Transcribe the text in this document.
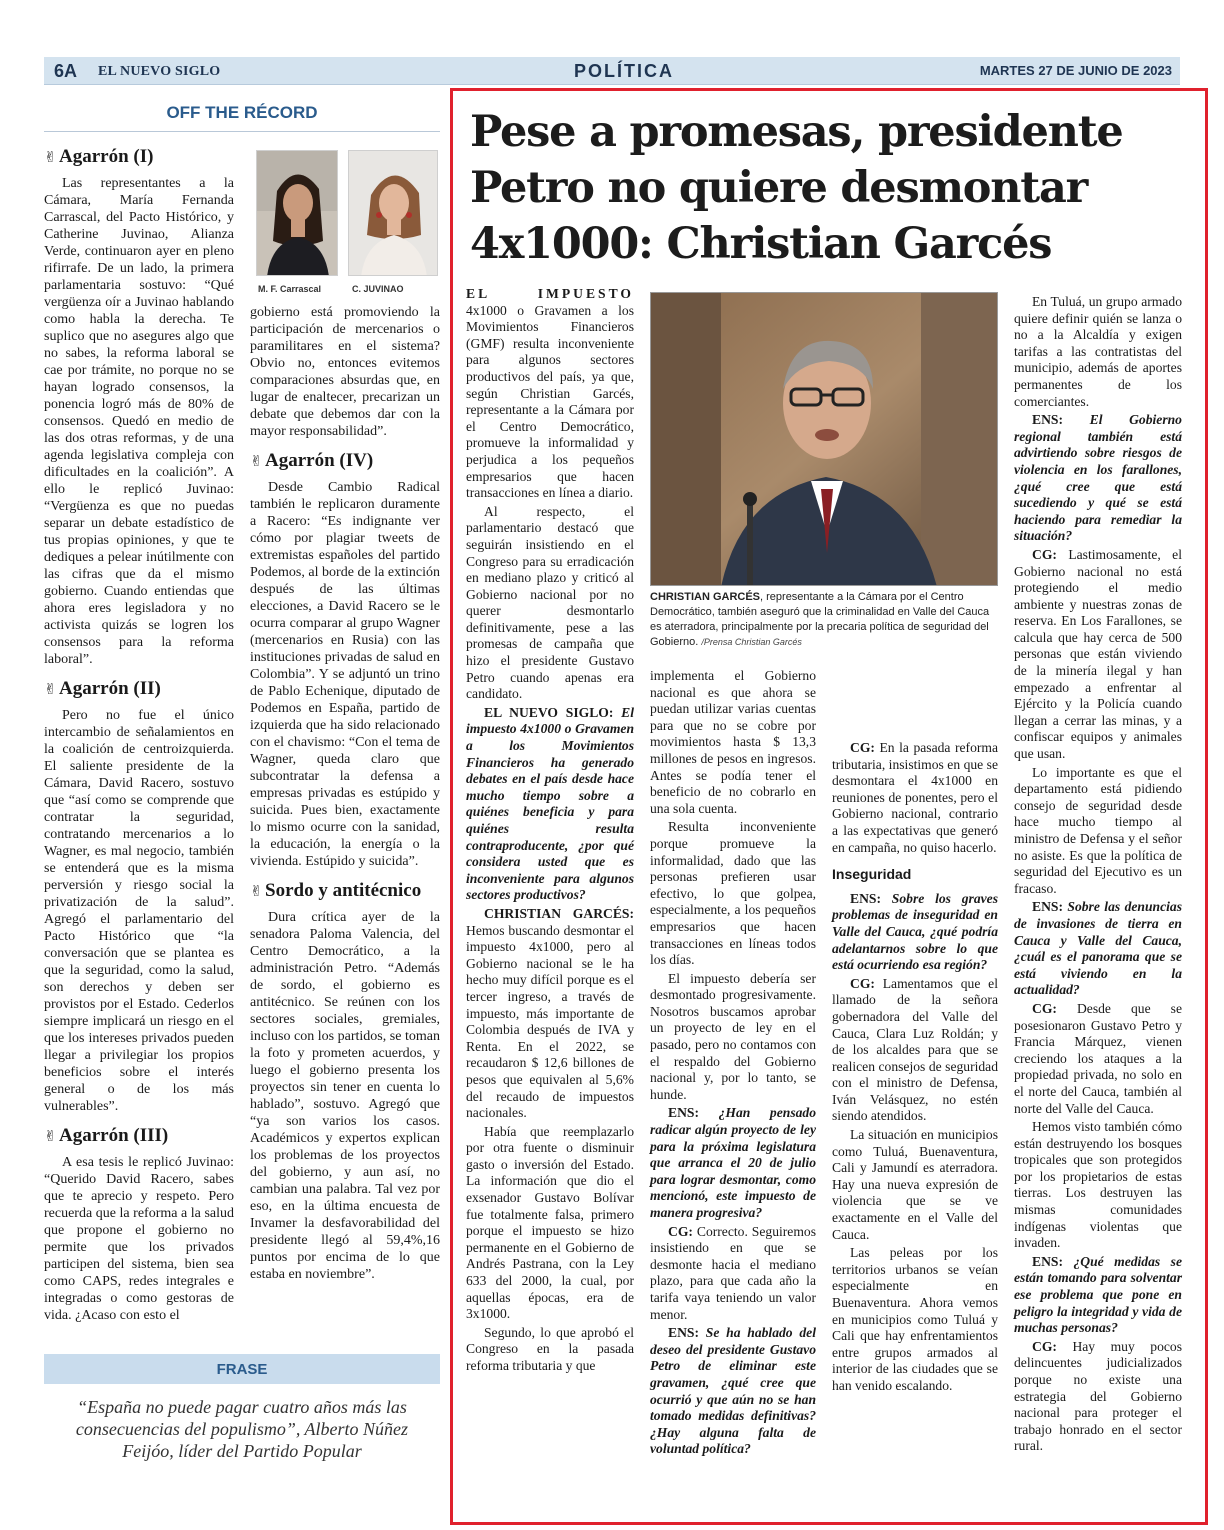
6A EL NUEVO SIGLO	POLÍTICA	MARTES 27 DE JUNIO DE 2023
OFF THE RÉCORD
✌ Agarrón (I)

Las representantes a la Cámara, María Fernanda Carrascal, del Pacto Histórico, y Catherine Juvinao, Alianza Verde, continuaron ayer en pleno rifirrafe. De un lado, la primera parlamentaria sostuvo: “Qué vergüenza oír a Juvinao hablando como habla la derecha. Te suplico que no asegures algo que no sabes, la reforma laboral se cae por trámite, no porque no se hayan logrado consensos, la ponencia logró más de 80% de consensos. Quedó en medio de las dos otras reformas, y de una agenda legislativa compleja con dificultades en la coalición”. A ello le replicó Juvinao: “Vergüenza es que no puedas separar un debate estadístico de tus propias opiniones, y que te dediques a pelear inútilmente con las cifras que da el mismo gobierno. Cuando entiendas que ahora eres legisladora y no activista quizás se logren los consensos para la reforma laboral”.

✌ Agarrón (II)

Pero no fue el único intercambio de señalamientos en la coalición de centroizquierda. El saliente presidente de la Cámara, David Racero, sostuvo que “así como se comprende que contratar la seguridad, contratando mercenarios a lo Wagner, es mal negocio, también se entenderá que es la misma perversión y riesgo social la privatización de la salud”. Agregó el parlamentario del Pacto Histórico que “la conversación que se plantea es que la seguridad, como la salud, son derechos y deben ser provistos por el Estado. Cederlos siempre implicará un riesgo en el que los intereses privados pueden llegar a privilegiar los propios beneficios sobre el interés general o de los más vulnerables”.

✌ Agarrón (III)

A esa tesis le replicó Juvinao: “Querido David Racero, sabes que te aprecio y respeto. Pero recuerda que la reforma a la salud que propone el gobierno no permite que los privados participen del sistema, bien sea como CAPS, redes integrales e integradas o como gestoras de vida. ¿Acaso con esto el

M. F. Carrascal	C. JUVINAO

gobierno está promoviendo la participación de mercenarios o paramilitares en el sistema? Obvio no, entonces evitemos comparaciones absurdas que, en lugar de enaltecer, precarizan un debate que debemos dar con la mayor responsabilidad”.

✌ Agarrón (IV)

Desde Cambio Radical también le replicaron duramente a Racero: “Es indignante ver cómo por plagiar tweets de extremistas españoles del partido Podemos, al borde de la extinción después de las últimas elecciones, a David Racero se le ocurra comparar al grupo Wagner (mercenarios en Rusia) con las instituciones privadas de salud en Colombia”. Y se adjuntó un trino de Pablo Echenique, diputado de Podemos en España, partido de izquierda que ha sido relacionado con el chavismo: “Con el tema de Wagner, queda claro que subcontratar la defensa a empresas privadas es estúpido y suicida. Pues bien, exactamente lo mismo ocurre con la sanidad, la educación, la energía o la vivienda. Estúpido y suicida”.

✌ Sordo y antitécnico

Dura crítica ayer de la senadora Paloma Valencia, del Centro Democrático, a la administración Petro. “Además de sordo, el gobierno es antitécnico. Se reúnen con los sectores sociales, gremiales, incluso con los partidos, se toman la foto y prometen acuerdos, y luego el gobierno presenta los proyectos sin tener en cuenta lo hablado”, sostuvo. Agregó que “ya son varios los casos. Académicos y expertos explican los problemas de los proyectos del gobierno, y aun así, no cambian una palabra. Tal vez por eso, en la última encuesta de Invamer la desfavorabilidad del presidente llegó al 59,4%,16 puntos por encima de lo que estaba en noviembre”.

FRASE
“España no puede pagar cuatro años más las consecuencias del populismo”, Alberto Núñez Feijóo, líder del Partido Popular
Pese a promesas, presidente
Petro no quiere desmontar
4x1000: Christian Garcés

EL IMPUESTO 4x1000 o Gravamen a los Movimientos Financieros (GMF) resulta inconveniente para algunos sectores productivos del país, ya que, según Christian Garcés, representante a la Cámara por el Centro Democrático, promueve la informalidad y perjudica a los pequeños empresarios que hacen transacciones en línea a diario.

Al respecto, el parlamentario destacó que seguirán insistiendo en el Congreso para su erradicación en mediano plazo y criticó al Gobierno nacional por no querer desmontarlo definitivamente, pese a las promesas de campaña que hizo el presidente Gustavo Petro cuando apenas era candidato.

EL NUEVO SIGLO: El impuesto 4x1000 o Gravamen a los Movimientos Financieros ha generado debates en el país desde hace mucho tiempo sobre a quiénes beneficia y para quiénes resulta contraproducente, ¿por qué considera usted que es inconveniente para algunos sectores productivos?

CHRISTIAN GARCÉS: Hemos buscando desmontar el impuesto 4x1000, pero al Gobierno nacional se le ha hecho muy difícil porque es el tercer ingreso, a través de impuesto, más importante de Colombia después de IVA y Renta. En el 2022, se recaudaron $ 12,6 billones de pesos que equivalen al 5,6% del recaudo de impuestos nacionales.

Había que reemplazarlo por otra fuente o disminuir gasto o inversión del Estado. La información que dio el exsenador Gustavo Bolívar fue totalmente falsa, primero porque el impuesto se hizo permanente en el Gobierno de Andrés Pastrana, con la Ley 633 del 2000, la cual, por aquellas épocas, era de 3x1000.

Segundo, lo que aprobó el Congreso en la pasada reforma tributaria y que

CHRISTIAN GARCÉS, representante a la Cámara por el Centro Democrático, también aseguró que la criminalidad en Valle del Cauca es aterradora, principalmente por la precaria política de seguridad del Gobierno. /Prensa Christian Garcés

implementa el Gobierno nacional es que ahora se puedan utilizar varias cuentas para que no se cobre por movimientos hasta $ 13,3 millones de pesos en ingresos. Antes se podía tener el beneficio de no cobrarlo en una sola cuenta.

Resulta inconveniente porque promueve la informalidad, dado que las personas prefieren usar efectivo, lo que golpea, especialmente, a los pequeños empresarios que hacen transacciones en líneas todos los días.

El impuesto debería ser desmontado progresivamente. Nosotros buscamos aprobar un proyecto de ley en el pasado, pero no contamos con el respaldo del Gobierno nacional y, por lo tanto, se hunde.

ENS: ¿Han pensado radicar algún proyecto de ley para la próxima legislatura que arranca el 20 de julio para lograr desmontar, como mencionó, este impuesto de manera progresiva?

CG: Correcto. Seguiremos insistiendo en que se desmonte hacia el mediano plazo, para que cada año la tarifa vaya teniendo un valor menor.

ENS: Se ha hablado del deseo del presidente Gustavo Petro de eliminar este gravamen, ¿qué cree que ocurrió y que aún no se han tomado medidas definitivas? ¿Hay alguna falta de voluntad política?

CG: En la pasada reforma tributaria, insistimos en que se desmontara el 4x1000 en reuniones de ponentes, pero el Gobierno nacional, contrario a las expectativas que generó en campaña, no quiso hacerlo.

Inseguridad

ENS: Sobre los graves problemas de inseguridad en Valle del Cauca, ¿qué podría adelantarnos sobre lo que está ocurriendo esa región?

CG: Lamentamos que el llamado de la señora gobernadora del Valle del Cauca, Clara Luz Roldán; y de los alcaldes para que se realicen consejos de seguridad con el ministro de Defensa, Iván Velásquez, no estén siendo atendidos.

La situación en municipios como Tuluá, Buenaventura, Cali y Jamundí es aterradora. Hay una nueva expresión de violencia que se ve exactamente en el Valle del Cauca.

Las peleas por los territorios urbanos se veían especialmente en Buenaventura. Ahora vemos en municipios como Tuluá y Cali que hay enfrentamientos entre grupos armados al interior de las ciudades que se han venido escalando.

En Tuluá, un grupo armado quiere definir quién se lanza o no a la Alcaldía y exigen tarifas a las contratistas del municipio, además de aportes permanentes de los comerciantes.

ENS: El Gobierno regional también está advirtiendo sobre riesgos de violencia en los farallones, ¿qué cree que está sucediendo y qué se está haciendo para remediar la situación?

CG: Lastimosamente, el Gobierno nacional no está protegiendo el medio ambiente y nuestras zonas de reserva. En Los Farallones, se calcula que hay cerca de 500 personas que están viviendo de la minería ilegal y han empezado a enfrentar al Ejército y la Policía cuando llegan a cerrar las minas, y a confiscar equipos y animales que usan.

Lo importante es que el departamento está pidiendo consejo de seguridad desde hace mucho tiempo al ministro de Defensa y el señor no asiste. Es que la política de seguridad del Ejecutivo es un fracaso.

ENS: Sobre las denuncias de invasiones de tierra en Cauca y Valle del Cauca, ¿cuál es el panorama que se está viviendo en la actualidad?

CG: Desde que se posesionaron Gustavo Petro y Francia Márquez, vienen creciendo los ataques a la propiedad privada, no solo en el norte del Cauca, también al norte del Valle del Cauca.

Hemos visto también cómo están destruyendo los bosques tropicales que son protegidos por los propietarios de estas tierras. Los destruyen las mismas comunidades indígenas violentas que invaden.

ENS: ¿Qué medidas se están tomando para solventar ese problema que pone en peligro la integridad y vida de muchas personas?

CG: Hay muy pocos delincuentes judicializados porque no existe una estrategia del Gobierno nacional para proteger el trabajo honrado en el sector rural.
